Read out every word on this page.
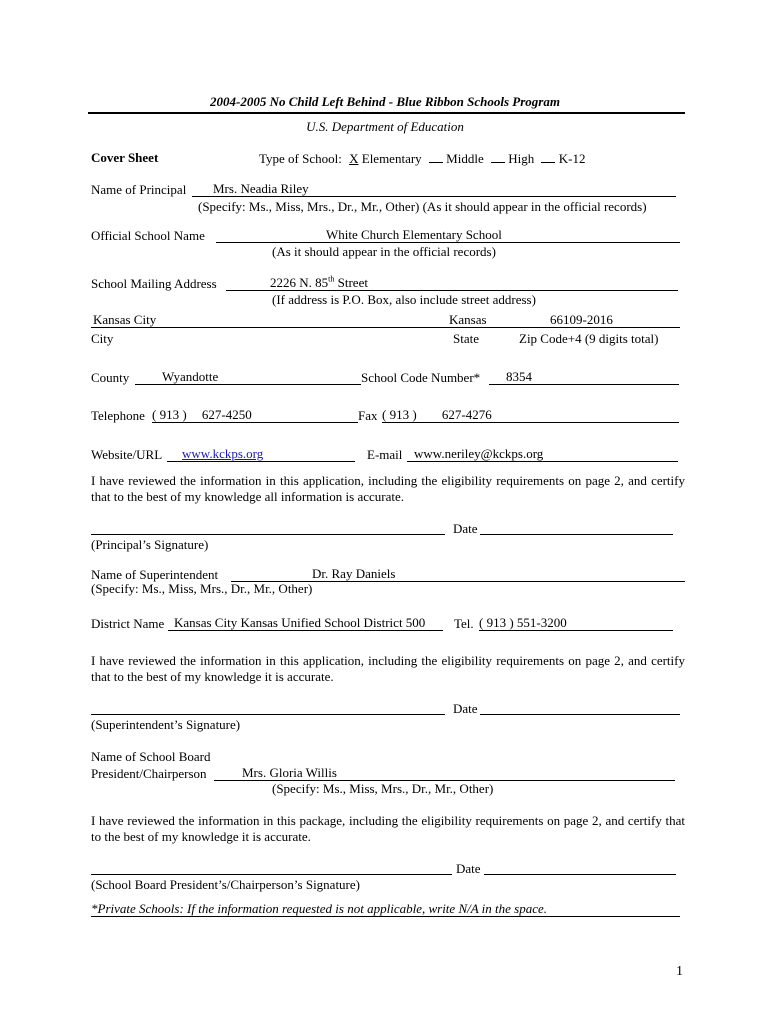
2004-2005 No Child Left Behind - Blue Ribbon Schools Program
U.S. Department of Education
Cover Sheet	Type of School: X Elementary Middle High K-12
Name of Principal	Mrs. Neadia Riley
(Specify: Ms., Miss, Mrs., Dr., Mr., Other) (As it should appear in the official records)
Official School Name	White Church Elementary School
(As it should appear in the official records)
School Mailing Address	2226 N. 85th Street
(If address is P.O. Box, also include street address)
Kansas City	Kansas	66109-2016
City	State	Zip Code+4 (9 digits total)
County	Wyandotte	School Code Number*	8354
Telephone ( 913 ) 627-4250	Fax ( 913 ) 627-4276
Website/URL	www.kckps.org	E-mail www.neriley@kckps.org
I have reviewed the information in this application, including the eligibility requirements on page 2, and certify that to the best of my knowledge all information is accurate.
Date
(Principal’s Signature)
Name of Superintendent	Dr. Ray Daniels
(Specify: Ms., Miss, Mrs., Dr., Mr., Other)
District Name Kansas City Kansas Unified School District 500	Tel. ( 913 ) 551-3200
I have reviewed the information in this application, including the eligibility requirements on page 2, and certify that to the best of my knowledge it is accurate.
Date
(Superintendent’s Signature)
Name of School Board
President/Chairperson	Mrs. Gloria Willis
(Specify: Ms., Miss, Mrs., Dr., Mr., Other)
I have reviewed the information in this package, including the eligibility requirements on page 2, and certify that to the best of my knowledge it is accurate.
Date
(School Board President’s/Chairperson’s Signature)
*Private Schools: If the information requested is not applicable, write N/A in the space.
1
